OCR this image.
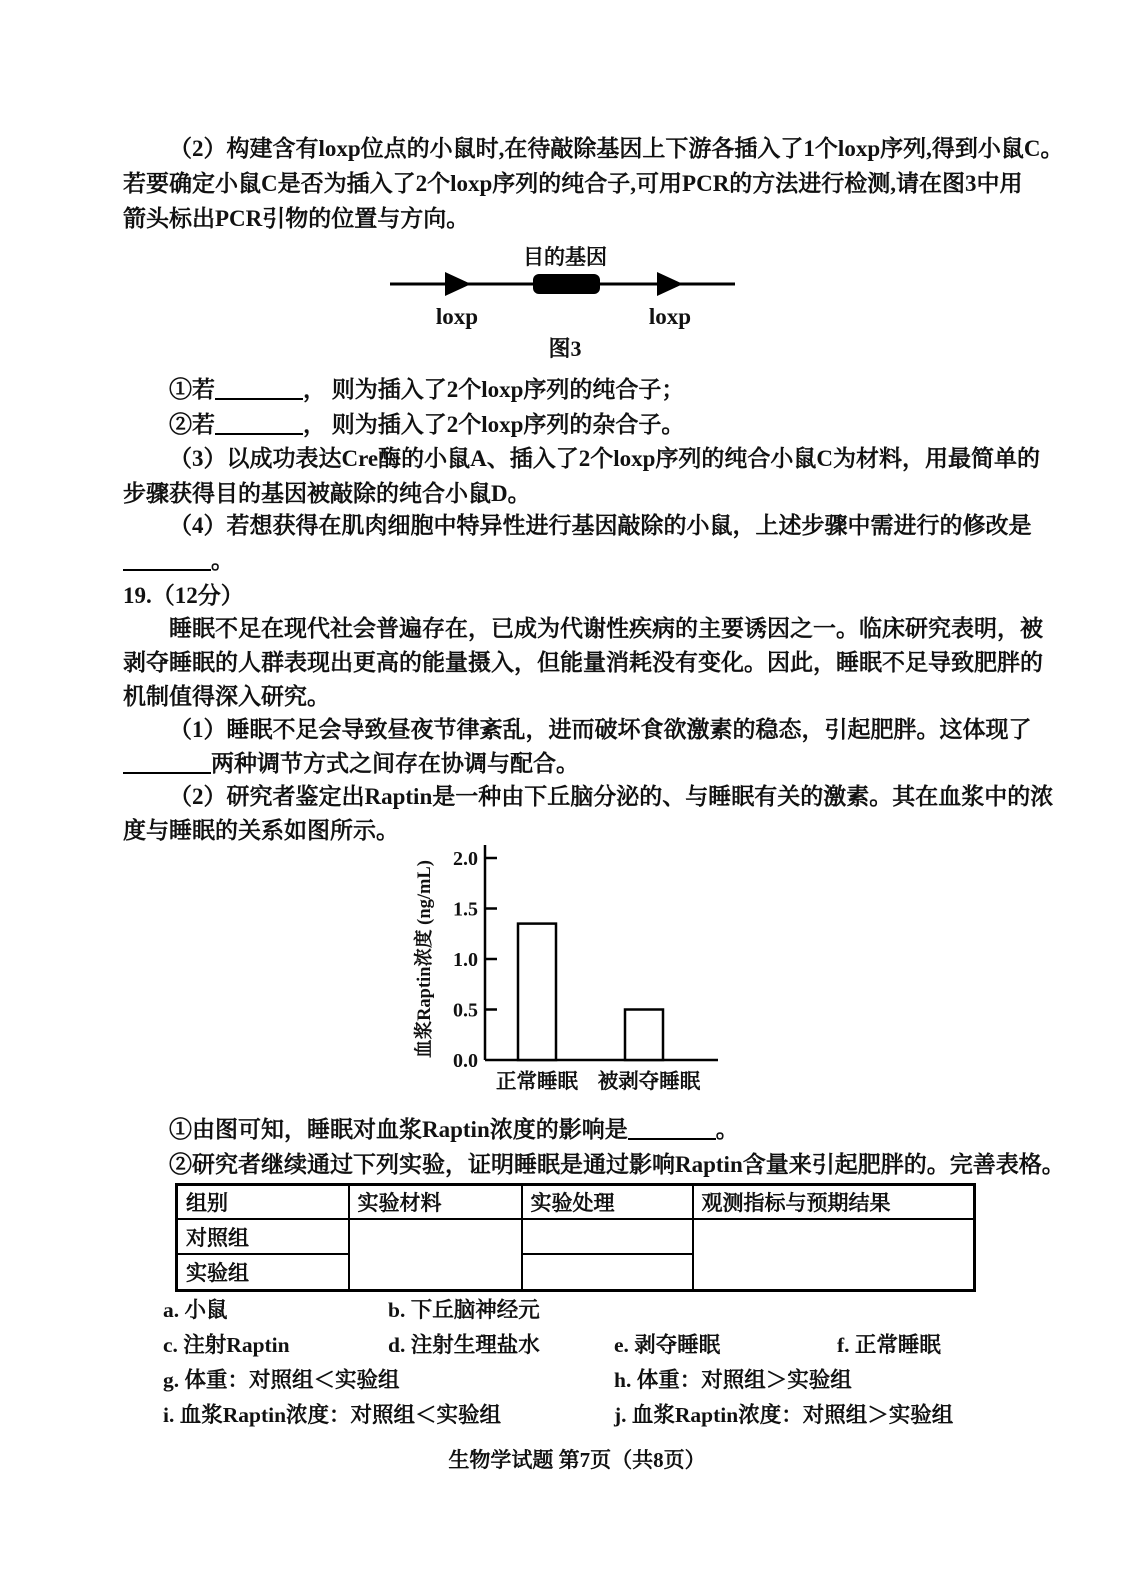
（2）构建含有loxp位点的小鼠时,在待敲除基因上下游各插入了1个loxp序列,得到小鼠C。
若要确定小鼠C是否为插入了2个loxp序列的纯合子,可用PCR的方法进行检测,请在图3中用
箭头标出PCR引物的位置与方向。
目的基因
loxp	loxp
图3
①若	， 则为插入了2个loxp序列的纯合子；
②若	， 则为插入了2个loxp序列的杂合子。
（3）以成功表达Cre酶的小鼠A、插入了2个loxp序列的纯合小鼠C为材料，用最简单的
步骤获得目的基因被敲除的纯合小鼠D。
（4）若想获得在肌肉细胞中特异性进行基因敲除的小鼠，上述步骤中需进行的修改是
。
19.（12分）
睡眠不足在现代社会普遍存在，已成为代谢性疾病的主要诱因之一。临床研究表明，被
剥夺睡眠的人群表现出更高的能量摄入，但能量消耗没有变化。因此，睡眠不足导致肥胖的
机制值得深入研究。
（1）睡眠不足会导致昼夜节律紊乱，进而破坏食欲激素的稳态，引起肥胖。这体现了
两种调节方式之间存在协调与配合。
（2）研究者鉴定出Raptin是一种由下丘脑分泌的、与睡眠有关的激素。其在血浆中的浓
度与睡眠的关系如图所示。
血浆Raptin浓度 (ng/mL)
2.0
1.5
1.0
0.5
0.0
正常睡眠 被剥夺睡眠
①由图可知，睡眠对血浆Raptin浓度的影响是	。
②研究者继续通过下列实验，证明睡眠是通过影响Raptin含量来引起肥胖的。完善表格。
组别	实验材料	实验处理	观测指标与预期结果
对照组			
实验组			
a. 小鼠	b. 下丘脑神经元
c. 注射Raptin	d. 注射生理盐水	e. 剥夺睡眠	f. 正常睡眠
g. 体重：对照组＜实验组	h. 体重：对照组＞实验组
i. 血浆Raptin浓度：对照组＜实验组	j. 血浆Raptin浓度：对照组＞实验组
生物学试题 第7页（共8页）
